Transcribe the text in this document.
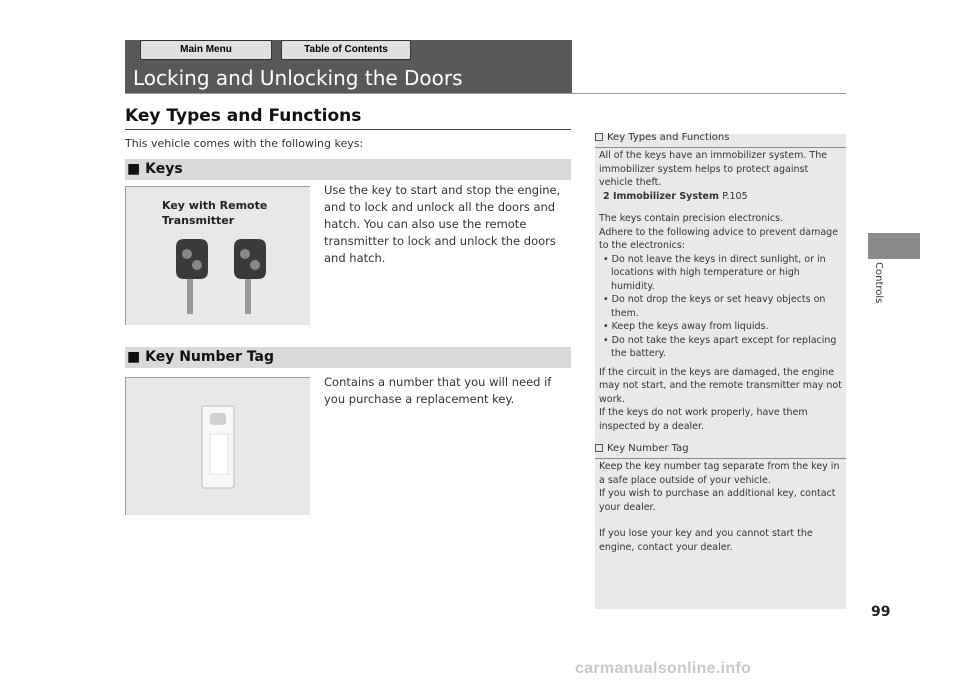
Main Menu	Table of Contents
Locking and Unlocking the Doors
Key Types and Functions
This vehicle comes with the following keys:
■ Keys
Key with Remote Transmitter
Use the key to start and stop the engine, and to lock and unlock all the doors and hatch. You can also use the remote transmitter to lock and unlock the doors and hatch.
■ Key Number Tag
Contains a number that you will need if you purchase a replacement key.
Key Types and Functions

All of the keys have an immobilizer system. The immobilizer system helps to protect against vehicle theft.

2 Immobilizer System P.105

The keys contain precision electronics.

Adhere to the following advice to prevent damage to the electronics:

• Do not leave the keys in direct sunlight, or in locations with high temperature or high humidity.

• Do not drop the keys or set heavy objects on them.

• Keep the keys away from liquids.

• Do not take the keys apart except for replacing the battery.

If the circuit in the keys are damaged, the engine may not start, and the remote transmitter may not work.

If the keys do not work properly, have them inspected by a dealer.

Key Number Tag

Keep the key number tag separate from the key in a safe place outside of your vehicle.

If you wish to purchase an additional key, contact your dealer.

If you lose your key and you cannot start the engine, contact your dealer.

Controls
99
carmanualsonline.info
